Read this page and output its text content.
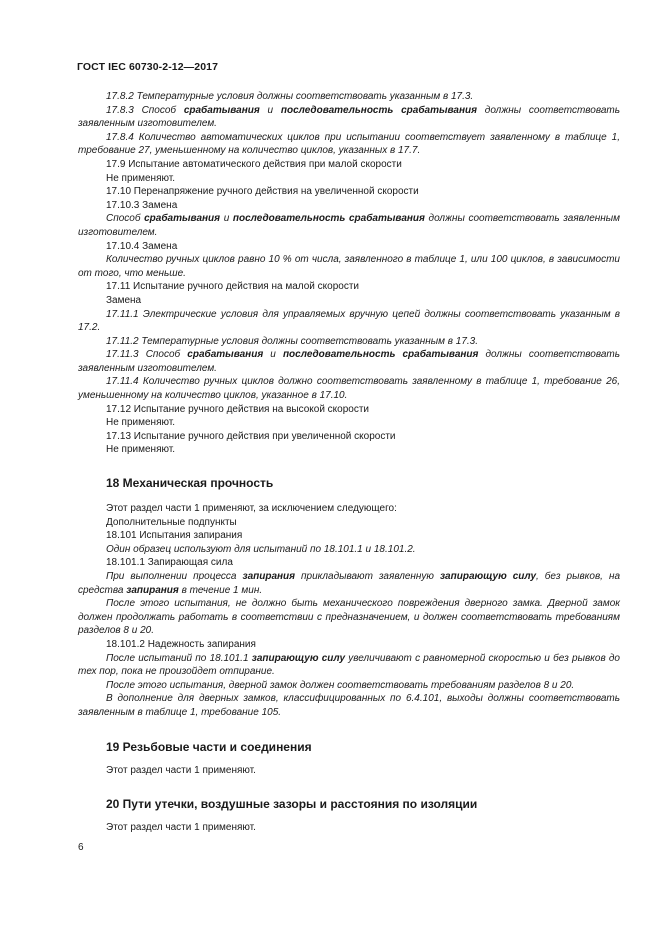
ГОСТ IEC 60730-2-12—2017

17.8.2 Температурные условия должны соответствовать указанным в 17.3.

17.8.3 Способ срабатывания и последовательность срабатывания должны соответствовать заявленным изготовителем.

17.8.4 Количество автоматических циклов при испытании соответствует заявленному в таблице 1, требование 27, уменьшенному на количество циклов, указанных в 17.7.

17.9 Испытание автоматического действия при малой скорости

Не применяют.

17.10 Перенапряжение ручного действия на увеличенной скорости

17.10.3 Замена

Способ срабатывания и последовательность срабатывания должны соответствовать заявленным изготовителем.

17.10.4 Замена

Количество ручных циклов равно 10 % от числа, заявленного в таблице 1, или 100 циклов, в зависимости от того, что меньше.

17.11 Испытание ручного действия на малой скорости

Замена

17.11.1 Электрические условия для управляемых вручную цепей должны соответствовать указанным в 17.2.

17.11.2 Температурные условия должны соответствовать указанным в 17.3.

17.11.3 Способ срабатывания и последовательность срабатывания должны соответствовать заявленным изготовителем.

17.11.4 Количество ручных циклов должно соответствовать заявленному в таблице 1, требование 26, уменьшенному на количество циклов, указанное в 17.10.

17.12 Испытание ручного действия на высокой скорости

Не применяют.

17.13 Испытание ручного действия при увеличенной скорости

Не применяют.

18 Механическая прочность

Этот раздел части 1 применяют, за исключением следующего:

Дополнительные подпункты

18.101 Испытания запирания

Один образец используют для испытаний по 18.101.1 и 18.101.2.

18.101.1 Запирающая сила

При выполнении процесса запирания прикладывают заявленную запирающую силу, без рывков, на средства запирания в течение 1 мин.

После этого испытания, не должно быть механического повреждения дверного замка. Дверной замок должен продолжать работать в соответствии с предназначением, и должен соответствовать требованиям разделов 8 и 20.

18.101.2 Надежность запирания

После испытаний по 18.101.1 запирающую силу увеличивают с равномерной скоростью и без рывков до тех пор, пока не произойдет отпирание.

После этого испытания, дверной замок должен соответствовать требованиям разделов 8 и 20.

В дополнение для дверных замков, классифицированных по 6.4.101, выходы должны соответствовать заявленным в таблице 1, требование 105.

19 Резьбовые части и соединения

Этот раздел части 1 применяют.

20 Пути утечки, воздушные зазоры и расстояния по изоляции

Этот раздел части 1 применяют.

6
